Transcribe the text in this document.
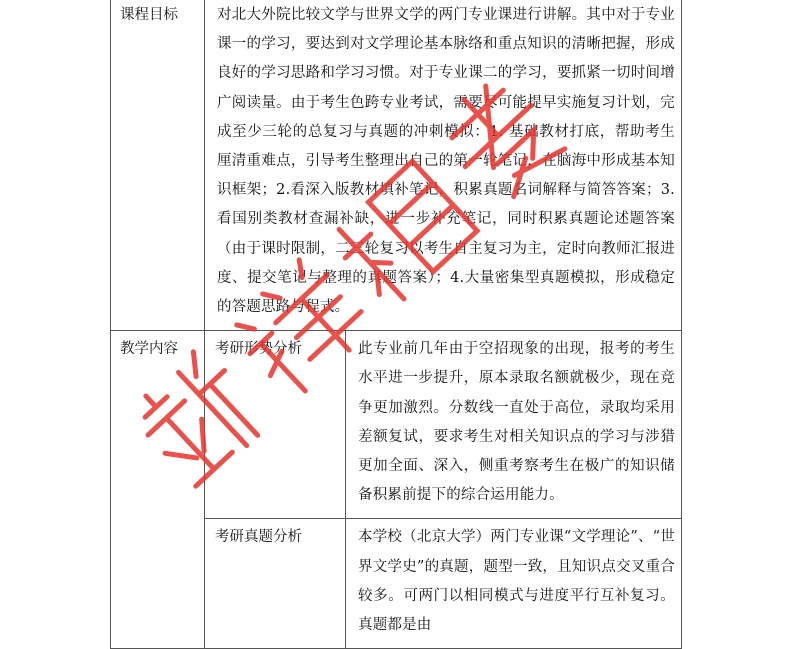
课程目标	对北大外院比较文学与世界文学的两门专业课进行讲解。其中对于专业课一的学习，要达到对文学理论基本脉络和重点知识的清晰把握，形成良好的学习思路和学习习惯。对于专业课二的学习，要抓紧一切时间增广阅读量。由于考生色跨专业考试，需要尽可能提早实施复习计划，完成至少三轮的总复习与真题的冲刺模拟：1. 基础教材打底，帮助考生厘清重难点，引导考生整理出自己的第一轮笔记，在脑海中形成基本知识框架；2.看深入版教材填补笔记，积累真题名词解释与简答答案；3.看国别类教材查漏补缺，进一步补充笔记，同时积累真题论述题答案（由于课时限制，二三轮复习以考生自主复习为主，定时向教师汇报进度、提交笔记与整理的真题答案）；4.大量密集型真题模拟，形成稳定的答题思路与程式。	
教学内容	考研形势分析	此专业前几年由于空招现象的出现，报考的考生水平进一步提升，原本录取名额就极少，现在竞争更加激烈。分数线一直处于高位，录取均采用差额复试，要求考生对相关知识点的学习与涉猎更加全面、深入，侧重考察考生在极广的知识储备积累前提下的综合运用能力。
	考研真题分析	本学校（北京大学）两门专业课“文学理论”、“世界文学史”的真题，题型一致，且知识点交叉重合较多。可两门以相同模式与进度平行互补复习。真题都是由
